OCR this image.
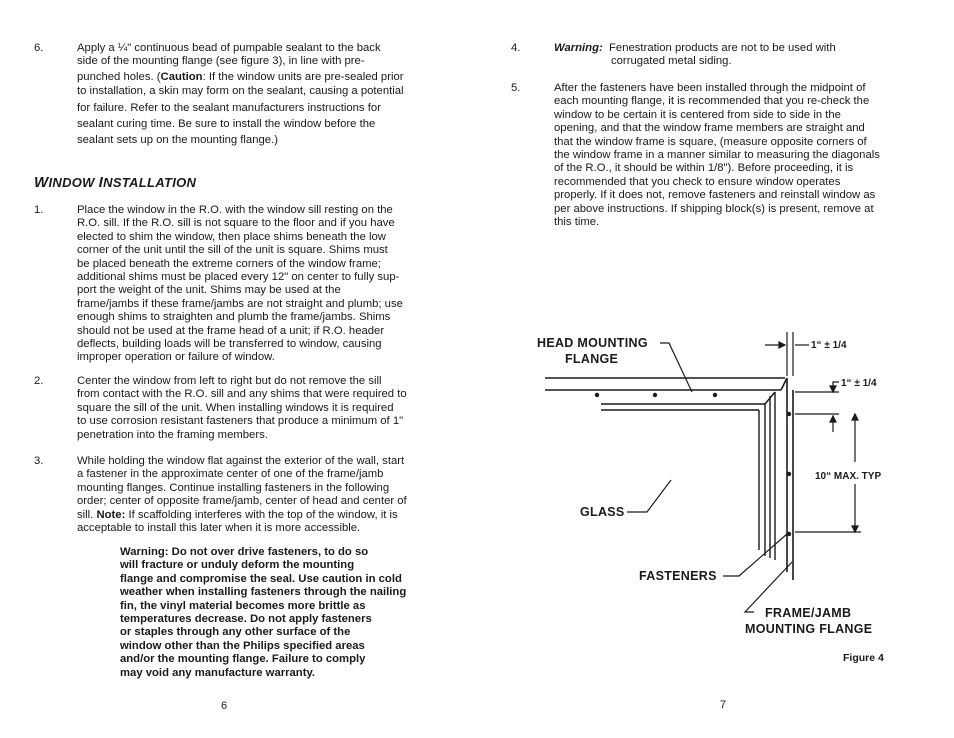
6.	Apply a ¼" continuous bead of pumpable sealant to the back
side of the mounting flange (see figure 3), in line with pre-
punched holes. (Caution: If the window units are pre-sealed prior
to installation, a skin may form on the sealant, causing a potential
for failure. Refer to the sealant manufacturers instructions for
sealant curing time. Be sure to install the window before the
sealant sets up on the mounting flange.)
WINDOW INSTALLATION
1.	Place the window in the R.O. with the window sill resting on the
R.O. sill. If the R.O. sill is not square to the floor and if you have
elected to shim the window, then place shims beneath the low
corner of the unit until the sill of the unit is square. Shims must
be placed beneath the extreme corners of the window frame;
additional shims must be placed every 12" on center to fully sup-
port the weight of the unit. Shims may be used at the
frame/jambs if these frame/jambs are not straight and plumb; use
enough shims to straighten and plumb the frame/jambs. Shims
should not be used at the frame head of a unit; if R.O. header
deflects, building loads will be transferred to window, causing
improper operation or failure of window.
2.	Center the window from left to right but do not remove the sill
from contact with the R.O. sill and any shims that were required to
square the sill of the unit. When installing windows it is required
to use corrosion resistant fasteners that produce a minimum of 1"
penetration into the framing members.
3.	While holding the window flat against the exterior of the wall, start
a fastener in the approximate center of one of the frame/jamb
mounting flanges. Continue installing fasteners in the following
order; center of opposite frame/jamb, center of head and center of
sill. Note: If scaffolding interferes with the top of the window, it is
acceptable to install this later when it is more accessible.
Warning: Do not over drive fasteners, to do so
will fracture or unduly deform the mounting
flange and compromise the seal. Use caution in cold
weather when installing fasteners through the nailing
fin, the vinyl material becomes more brittle as
temperatures decrease. Do not apply fasteners
or staples through any other surface of the
window other than the Philips specified areas
and/or the mounting flange. Failure to comply
may void any manufacture warranty.
6
4.	Warning: Fenestration products are not to be used with
corrugated metal siding.
5.	After the fasteners have been installed through the midpoint of
each mounting flange, it is recommended that you re-check the
window to be certain it is centered from side to side in the
opening, and that the window frame members are straight and
that the window frame is square, (measure opposite corners of
the window frame in a manner similar to measuring the diagonals
of the R.O., it should be within 1/8"). Before proceeding, it is
recommended that you check to ensure window operates
properly. If it does not, remove fasteners and reinstall window as
per above instructions. If shipping block(s) is present, remove at
this time.
HEAD MOUNTING
FLANGE
1“ ± 1/4
1“ ± 1/4
10“ MAX. TYP
GLASS
FASTENERS
FRAME/JAMB
MOUNTING FLANGE
Figure 4
7
